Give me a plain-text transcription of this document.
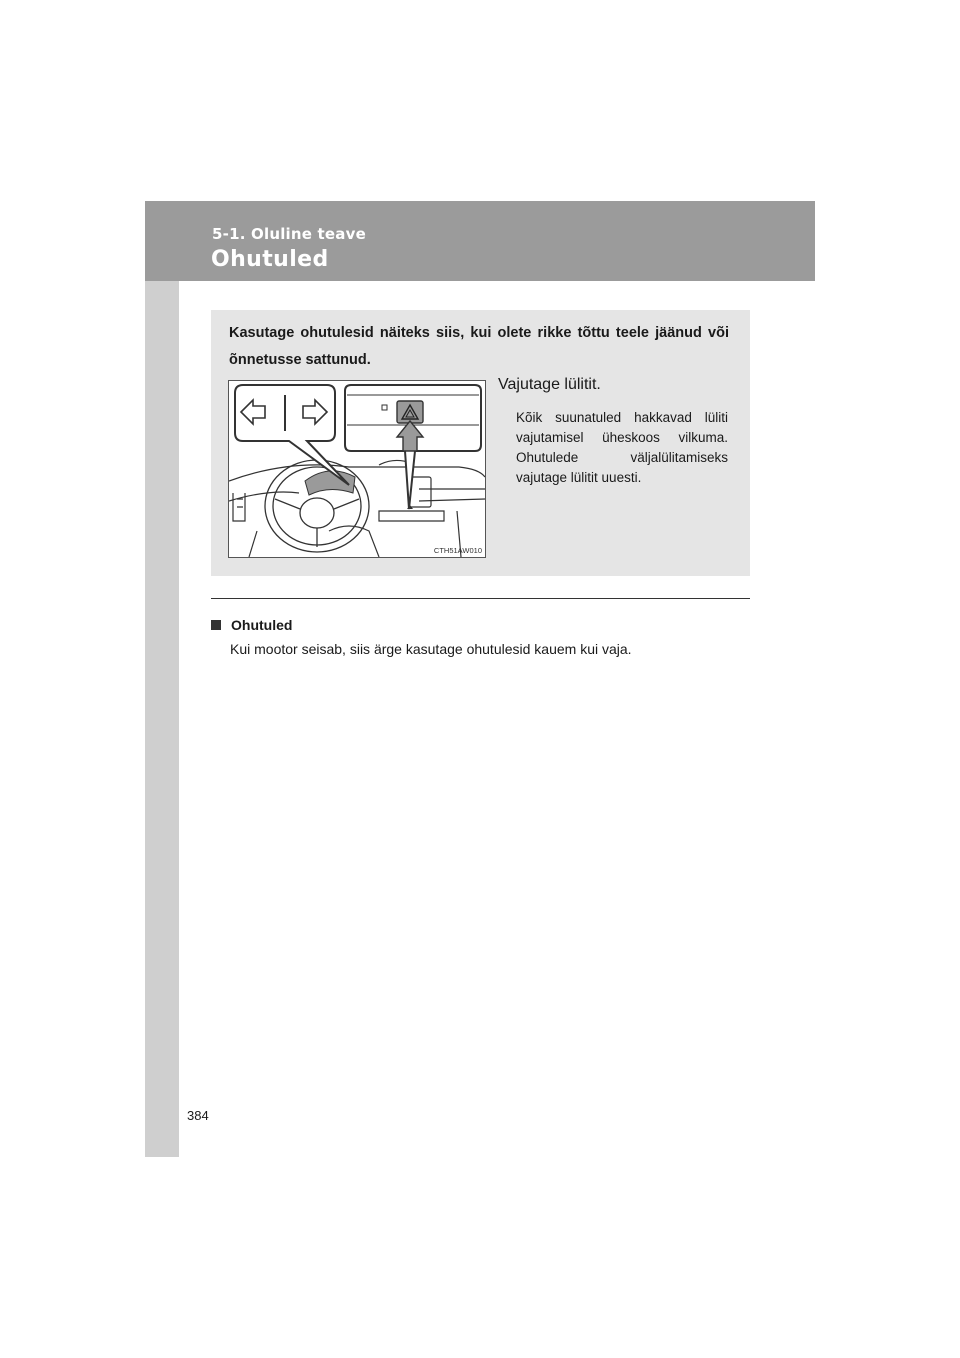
5-1. Oluline teave
Ohutuled

Kasutage ohutulesid näiteks siis, kui olete rikke tõttu teele jäänud või õnnetusse sattunud.

CTH51AW010
Vajutage lülitit.

Kõik suunatuled hakkavad lüliti vajutamisel üheskoos vilkuma. Ohutulede väljalülitamiseks vajutage lülitit uuesti.

Ohutuled
Kui mootor seisab, siis ärge kasutage ohutulesid kauem kui vaja.
384
